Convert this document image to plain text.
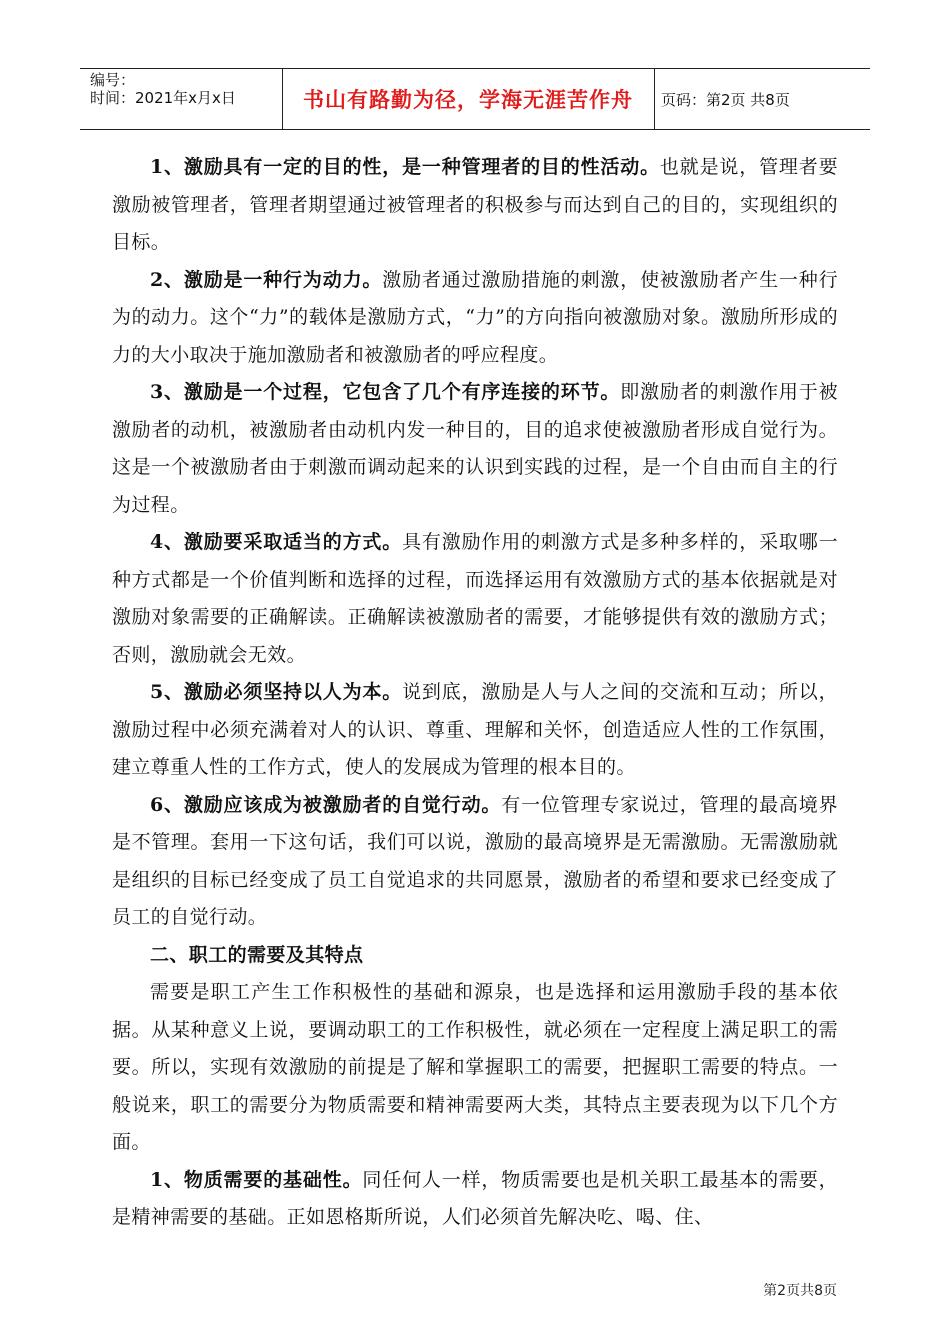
编号：
时间：2021年x月x日	书山有路勤为径，学海无涯苦作舟	页码：第2页 共8页

1、激励具有一定的目的性，是一种管理者的目的性活动。也就是说，管理者要激励被管理者，管理者期望通过被管理者的积极参与而达到自己的目的，实现组织的目标。

2、激励是一种行为动力。激励者通过激励措施的刺激，使被激励者产生一种行为的动力。这个“力”的载体是激励方式，“力”的方向指向被激励对象。激励所形成的力的大小取决于施加激励者和被激励者的呼应程度。

3、激励是一个过程，它包含了几个有序连接的环节。即激励者的刺激作用于被激励者的动机，被激励者由动机内发一种目的，目的追求使被激励者形成自觉行为。这是一个被激励者由于刺激而调动起来的认识到实践的过程，是一个自由而自主的行为过程。

4、激励要采取适当的方式。具有激励作用的刺激方式是多种多样的，采取哪一种方式都是一个价值判断和选择的过程，而选择运用有效激励方式的基本依据就是对激励对象需要的正确解读。正确解读被激励者的需要，才能够提供有效的激励方式；否则，激励就会无效。

5、激励必须坚持以人为本。说到底，激励是人与人之间的交流和互动；所以，激励过程中必须充满着对人的认识、尊重、理解和关怀，创造适应人性的工作氛围，建立尊重人性的工作方式，使人的发展成为管理的根本目的。

6、激励应该成为被激励者的自觉行动。有一位管理专家说过，管理的最高境界是不管理。套用一下这句话，我们可以说，激励的最高境界是无需激励。无需激励就是组织的目标已经变成了员工自觉追求的共同愿景，激励者的希望和要求已经变成了员工的自觉行动。

二、职工的需要及其特点

需要是职工产生工作积极性的基础和源泉，也是选择和运用激励手段的基本依据。从某种意义上说，要调动职工的工作积极性，就必须在一定程度上满足职工的需要。所以，实现有效激励的前提是了解和掌握职工的需要，把握职工需要的特点。一般说来，职工的需要分为物质需要和精神需要两大类，其特点主要表现为以下几个方面。

1、物质需要的基础性。同任何人一样，物质需要也是机关职工最基本的需要，是精神需要的基础。正如恩格斯所说，人们必须首先解决吃、喝、住、

第2页共8页
